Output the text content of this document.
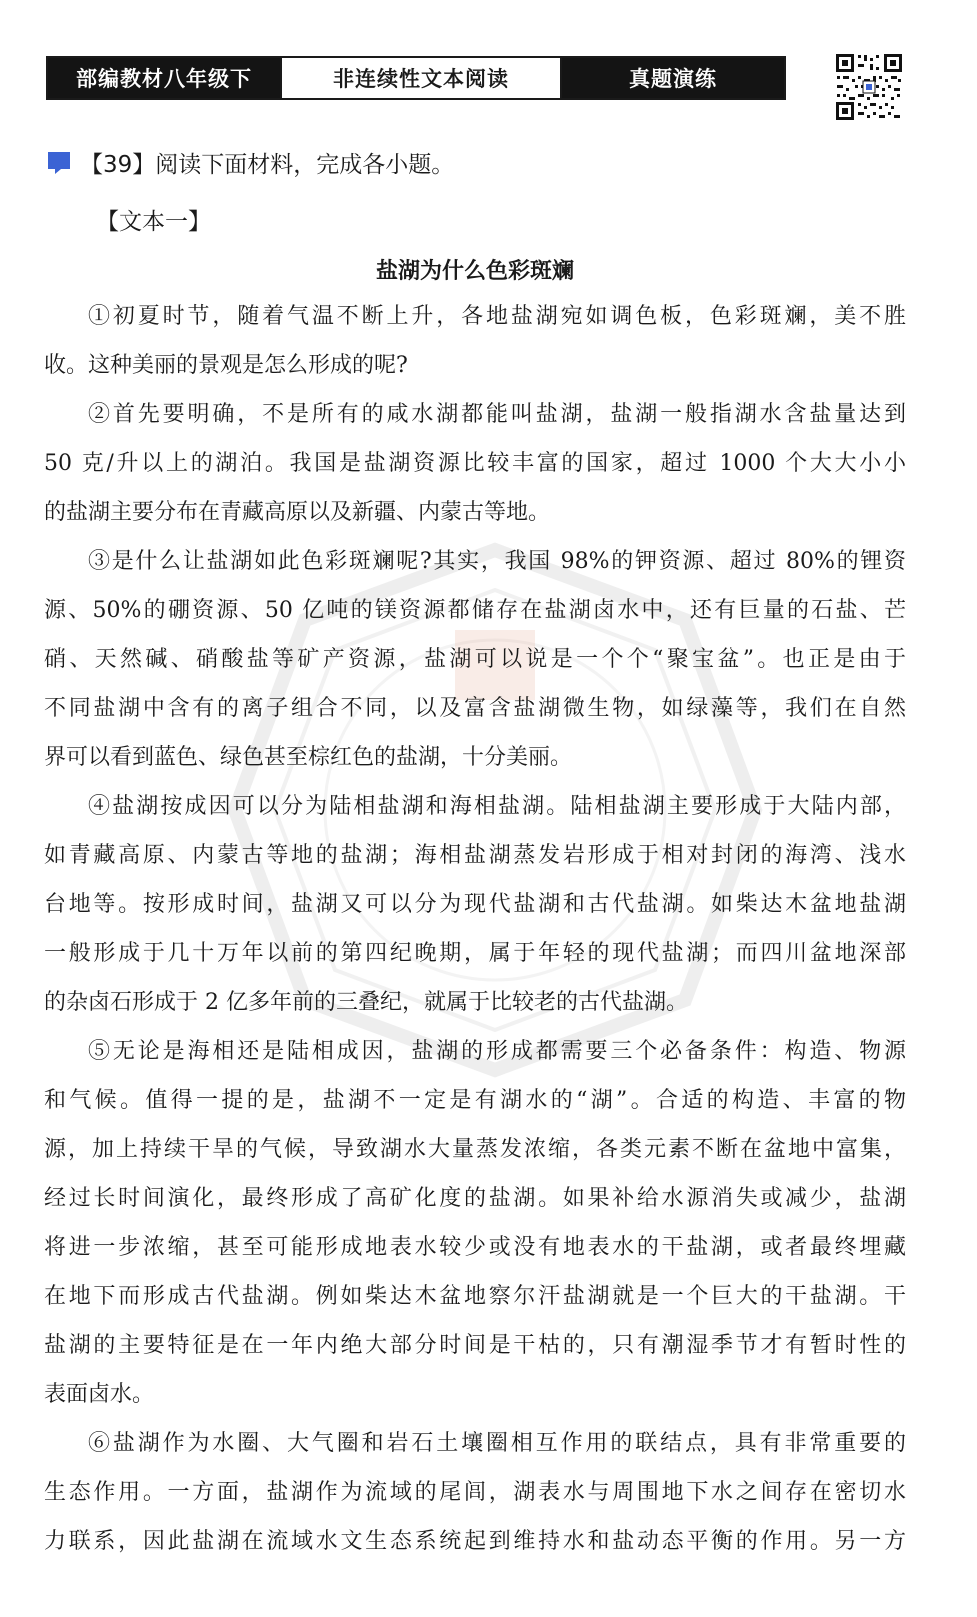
部编教材八年级下	非连续性文本阅读	真题演练
【39】阅读下面材料，完成各小题。
【文本一】
盐湖为什么色彩斑斓
①初夏时节，随着气温不断上升，各地盐湖宛如调色板，色彩斑斓，美不胜
收。这种美丽的景观是怎么形成的呢?
②首先要明确，不是所有的咸水湖都能叫盐湖，盐湖一般指湖水含盐量达到
50 克/升以上的湖泊。我国是盐湖资源比较丰富的国家，超过 1000 个大大小小
的盐湖主要分布在青藏高原以及新疆、内蒙古等地。
③是什么让盐湖如此色彩斑斓呢?其实，我国 98%的钾资源、超过 80%的锂资
源、50%的硼资源、50 亿吨的镁资源都储存在盐湖卤水中，还有巨量的石盐、芒
硝、天然碱、硝酸盐等矿产资源，盐湖可以说是一个个“聚宝盆”。也正是由于
不同盐湖中含有的离子组合不同，以及富含盐湖微生物，如绿藻等，我们在自然
界可以看到蓝色、绿色甚至棕红色的盐湖，十分美丽。
④盐湖按成因可以分为陆相盐湖和海相盐湖。陆相盐湖主要形成于大陆内部，
如青藏高原、内蒙古等地的盐湖；海相盐湖蒸发岩形成于相对封闭的海湾、浅水
台地等。按形成时间，盐湖又可以分为现代盐湖和古代盐湖。如柴达木盆地盐湖
一般形成于几十万年以前的第四纪晚期，属于年轻的现代盐湖；而四川盆地深部
的杂卤石形成于 2 亿多年前的三叠纪，就属于比较老的古代盐湖。
⑤无论是海相还是陆相成因，盐湖的形成都需要三个必备条件：构造、物源
和气候。值得一提的是，盐湖不一定是有湖水的“湖”。合适的构造、丰富的物
源，加上持续干旱的气候，导致湖水大量蒸发浓缩，各类元素不断在盆地中富集，
经过长时间演化，最终形成了高矿化度的盐湖。如果补给水源消失或减少，盐湖
将进一步浓缩，甚至可能形成地表水较少或没有地表水的干盐湖，或者最终埋藏
在地下而形成古代盐湖。例如柴达木盆地察尔汗盐湖就是一个巨大的干盐湖。干
盐湖的主要特征是在一年内绝大部分时间是干枯的，只有潮湿季节才有暂时性的
表面卤水。
⑥盐湖作为水圈、大气圈和岩石土壤圈相互作用的联结点，具有非常重要的
生态作用。一方面，盐湖作为流域的尾闾，湖表水与周围地下水之间存在密切水
力联系，因此盐湖在流域水文生态系统起到维持水和盐动态平衡的作用。另一方
